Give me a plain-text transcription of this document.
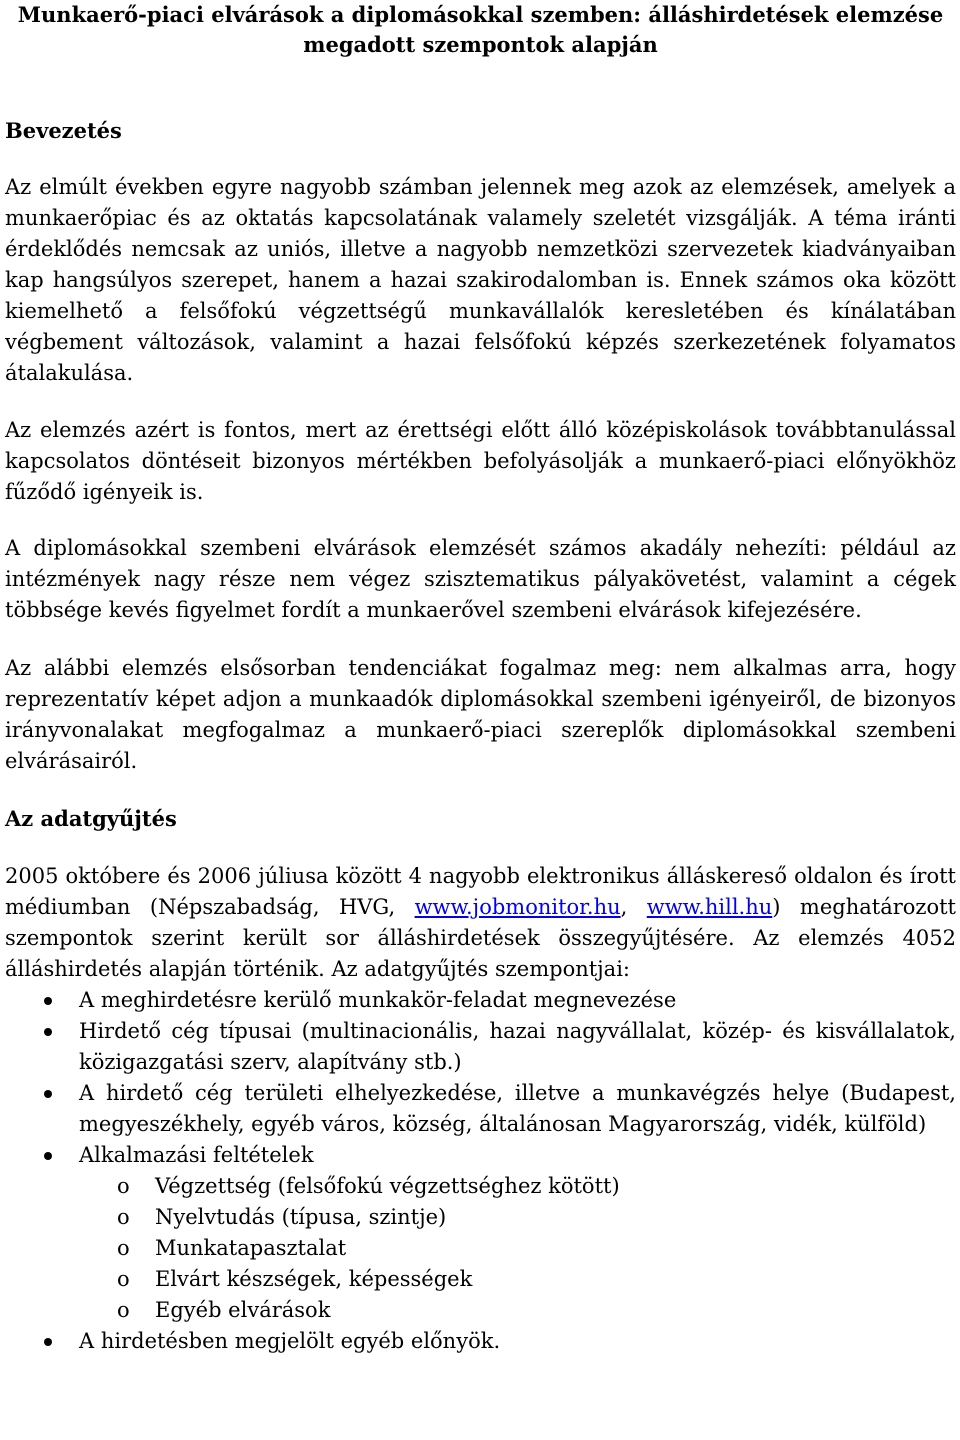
Munkaerő-piaci elvárások a diplomásokkal szemben: álláshirdetések elemzése
megadott szempontok alapján
Bevezetés

Az elmúlt években egyre nagyobb számban jelennek meg azok az elemzések, amelyek a munkaerőpiac és az oktatás kapcsolatának valamely szeletét vizsgálják. A téma iránti érdeklődés nemcsak az uniós, illetve a nagyobb nemzetközi szervezetek kiadványaiban kap hangsúlyos szerepet, hanem a hazai szakirodalomban is. Ennek számos oka között kiemelhető a felsőfokú végzettségű munkavállalók keresletében és kínálatában végbement változások, valamint a hazai felsőfokú képzés szerkezetének folyamatos átalakulása.

Az elemzés azért is fontos, mert az érettségi előtt álló középiskolások továbbtanulással kapcsolatos döntéseit bizonyos mértékben befolyásolják a munkaerő-piaci előnyökhöz fűződő igényeik is.

A diplomásokkal szembeni elvárások elemzését számos akadály nehezíti: például az intézmények nagy része nem végez szisztematikus pályakövetést, valamint a cégek többsége kevés figyelmet fordít a munkaerővel szembeni elvárások kifejezésére.

Az alábbi elemzés elsősorban tendenciákat fogalmaz meg: nem alkalmas arra, hogy reprezentatív képet adjon a munkaadók diplomásokkal szembeni igényeiről, de bizonyos irányvonalakat megfogalmaz a munkaerő-piaci szereplők diplomásokkal szembeni elvárásairól.

Az adatgyűjtés

2005 októbere és 2006 júliusa között 4 nagyobb elektronikus álláskereső oldalon és írott médiumban (Népszabadság, HVG, www.jobmonitor.hu, www.hill.hu) meghatározott szempontok szerint került sor álláshirdetések összegyűjtésére. Az elemzés 4052 álláshirdetés alapján történik. Az adatgyűjtés szempontjai:

A meghirdetésre kerülő munkakör-feladat megnevezése
Hirdető cég típusai (multinacionális, hazai nagyvállalat, közép- és kisvállalatok, közigazgatási szerv, alapítvány stb.)
A hirdető cég területi elhelyezkedése, illetve a munkavégzés helye (Budapest, megyeszékhely, egyéb város, község, általánosan Magyarország, vidék, külföld)
Alkalmazási feltételek
o Végzettség (felsőfokú végzettséghez kötött)
o Nyelvtudás (típusa, szintje)
o Munkatapasztalat
o Elvárt készségek, képességek
o Egyéb elvárások
A hirdetésben megjelölt egyéb előnyök.
